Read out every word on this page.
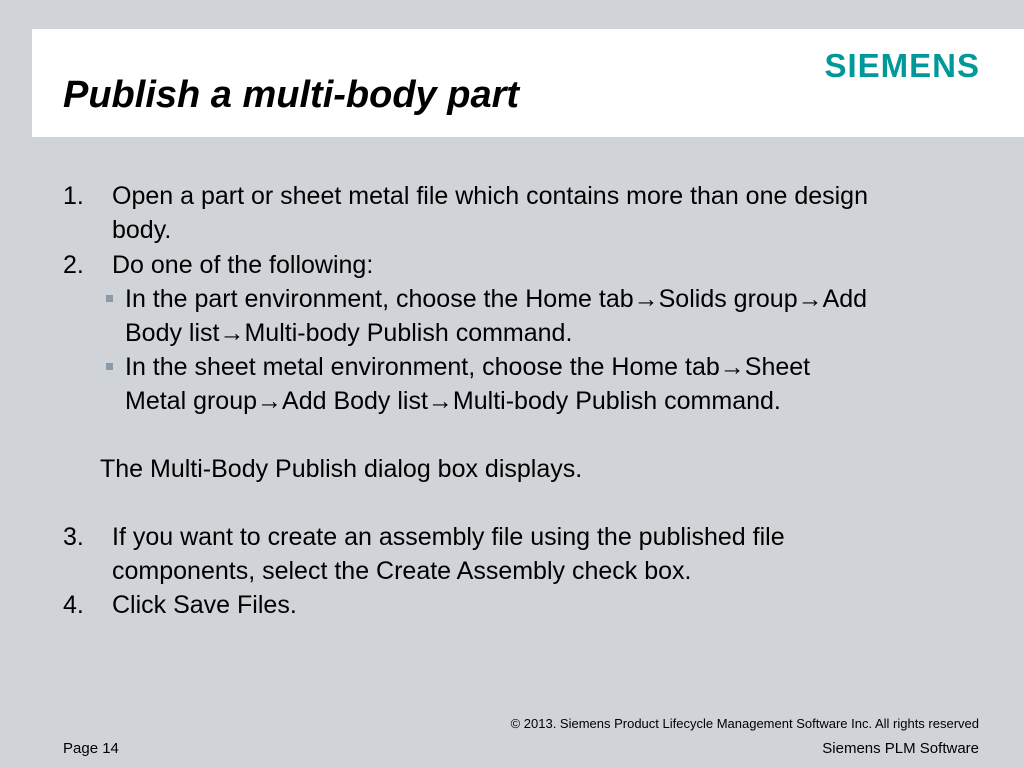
Publish a multi-body part
SIEMENS
1. Open a part or sheet metal file which contains more than one design
body.
2. Do one of the following:
In the part environment, choose the Home tab→Solids group→Add
Body list→Multi-body Publish command.
In the sheet metal environment, choose the Home tab→Sheet
Metal group→Add Body list→Multi-body Publish command.
The Multi-Body Publish dialog box displays.
3. If you want to create an assembly file using the published file
components, select the Create Assembly check box.
4. Click Save Files.
© 2013. Siemens Product Lifecycle Management Software Inc. All rights reserved
Page 14	Siemens PLM Software
